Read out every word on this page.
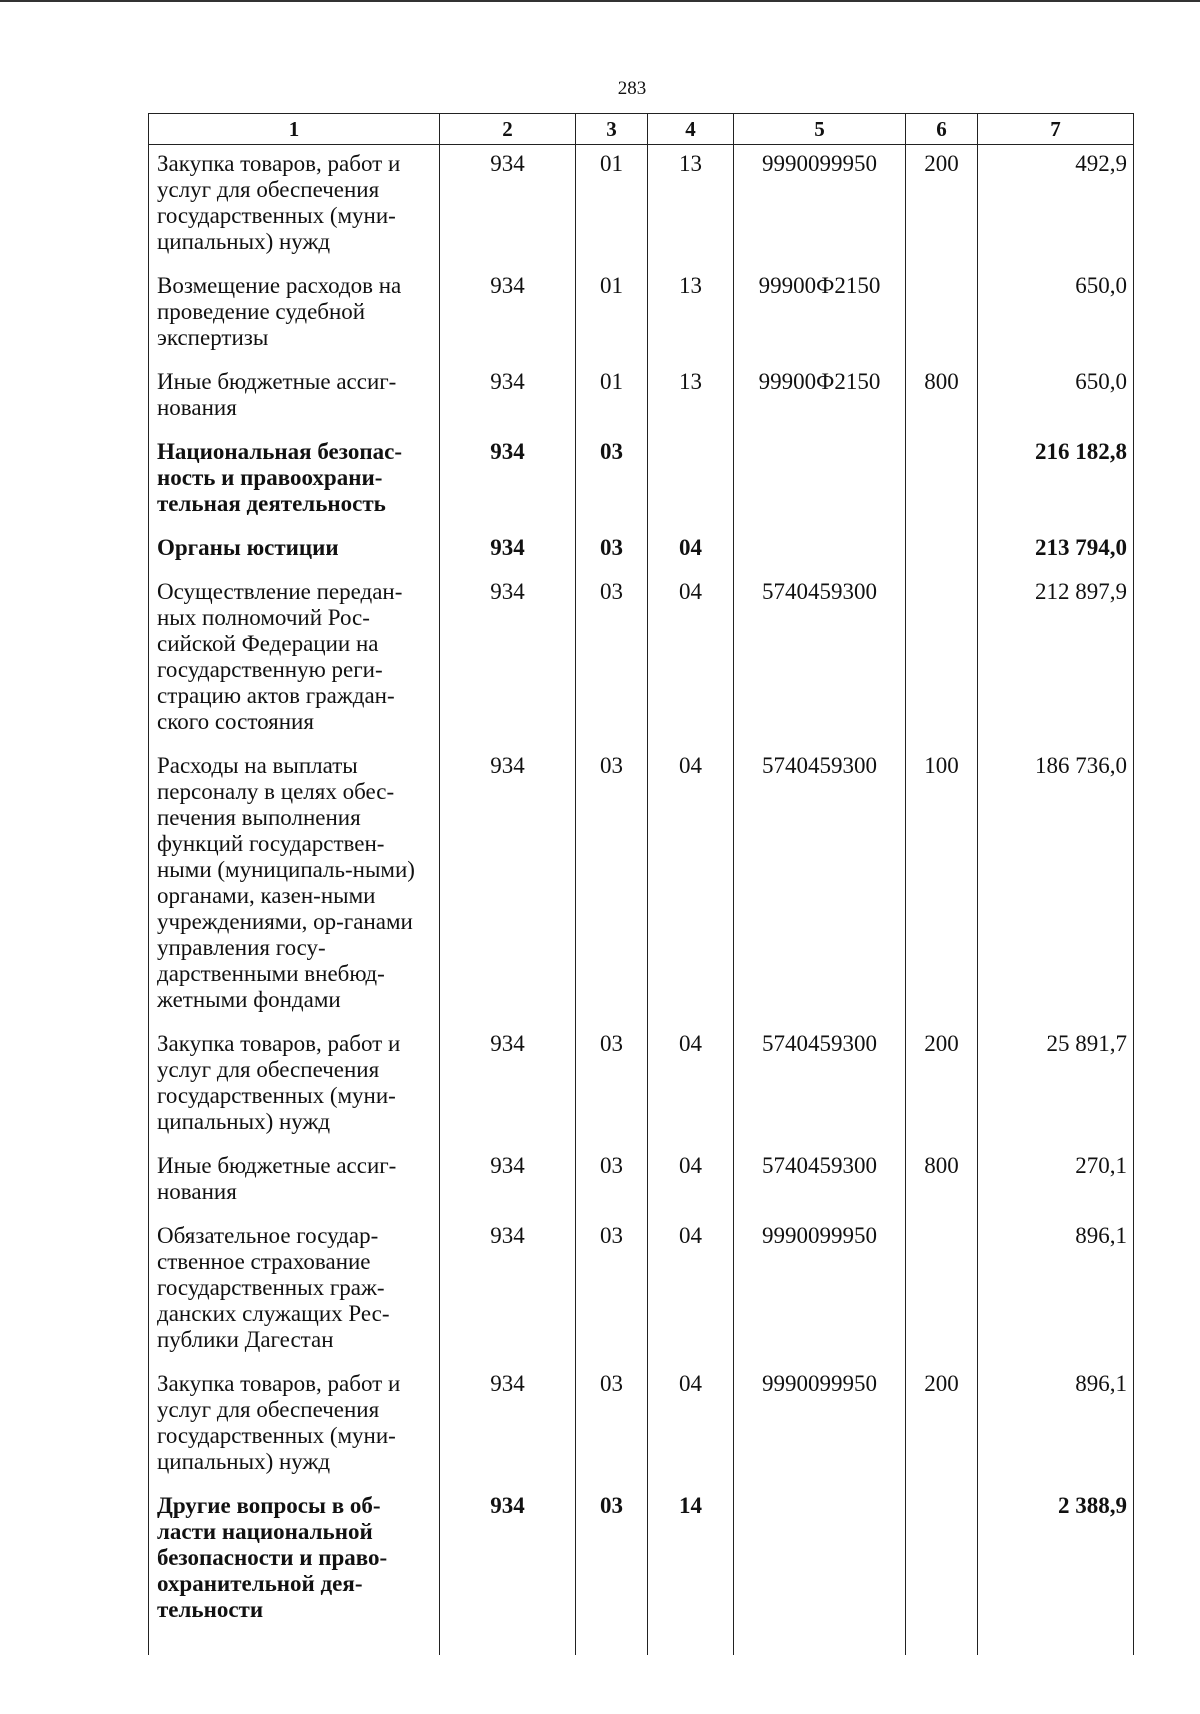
283
1	2	3	4	5	6	7
Закупка товаров, работ и услуг для обеспечения государственных (муни-ципальных) нужд	934	01	13	9990099950	200	492,9
Возмещение расходов на проведение судебной экспертизы	934	01	13	99900Ф2150		650,0
Иные бюджетные ассиг-нования	934	01	13	99900Ф2150	800	650,0
Национальная безопас-ность и правоохрани-тельная деятельность	934	03				216 182,8
Органы юстиции	934	03	04			213 794,0
Осуществление передан-ных полномочий Рос-сийской Федерации на государственную реги-страцию актов граждан-ского состояния	934	03	04	5740459300		212 897,9
Расходы на выплаты персоналу в целях обес-печения выполнения функций государствен-ными (муниципаль-ными) органами, казен-ными учреждениями, ор-ганами управления госу-дарственными внебюд-жетными фондами	934	03	04	5740459300	100	186 736,0
Закупка товаров, работ и услуг для обеспечения государственных (муни-ципальных) нужд	934	03	04	5740459300	200	25 891,7
Иные бюджетные ассиг-нования	934	03	04	5740459300	800	270,1
Обязательное государ-ственное страхование государственных граж-данских служащих Рес-публики Дагестан	934	03	04	9990099950		896,1
Закупка товаров, работ и услуг для обеспечения государственных (муни-ципальных) нужд	934	03	04	9990099950	200	896,1
Другие вопросы в об-ласти национальной безопасности и право-охранительной дея-тельности	934	03	14			2 388,9
